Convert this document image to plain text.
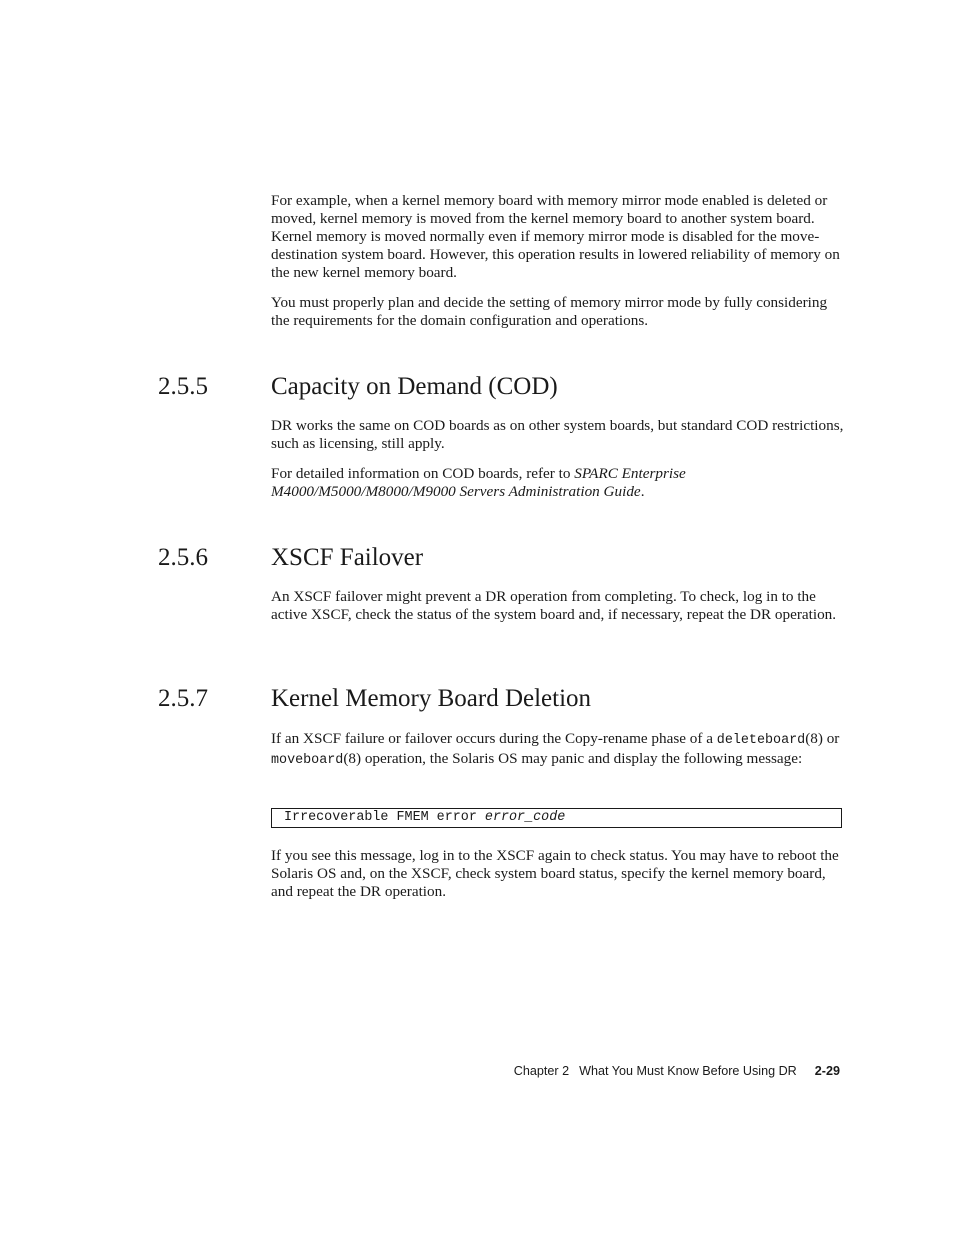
For example, when a kernel memory board with memory mirror mode enabled is deleted or moved, kernel memory is moved from the kernel memory board to another system board. Kernel memory is moved normally even if memory mirror mode is disabled for the move-destination system board. However, this operation results in lowered reliability of memory on the new kernel memory board.

You must properly plan and decide the setting of memory mirror mode by fully considering the requirements for the domain configuration and operations.

2.5.5	Capacity on Demand (COD)

DR works the same on COD boards as on other system boards, but standard COD restrictions, such as licensing, still apply.

For detailed information on COD boards, refer to SPARC Enterprise M4000/M5000/M8000/M9000 Servers Administration Guide.

2.5.6	XSCF Failover

An XSCF failover might prevent a DR operation from completing. To check, log in to the active XSCF, check the status of the system board and, if necessary, repeat the DR operation.

2.5.7	Kernel Memory Board Deletion

If an XSCF failure or failover occurs during the Copy-rename phase of a deleteboard(8) or moveboard(8) operation, the Solaris OS may panic and display the following message:

Irrecoverable FMEM error error_code

If you see this message, log in to the XSCF again to check status. You may have to reboot the Solaris OS and, on the XSCF, check system board status, specify the kernel memory board, and repeat the DR operation.

Chapter 2 What You Must Know Before Using DR 2-29
